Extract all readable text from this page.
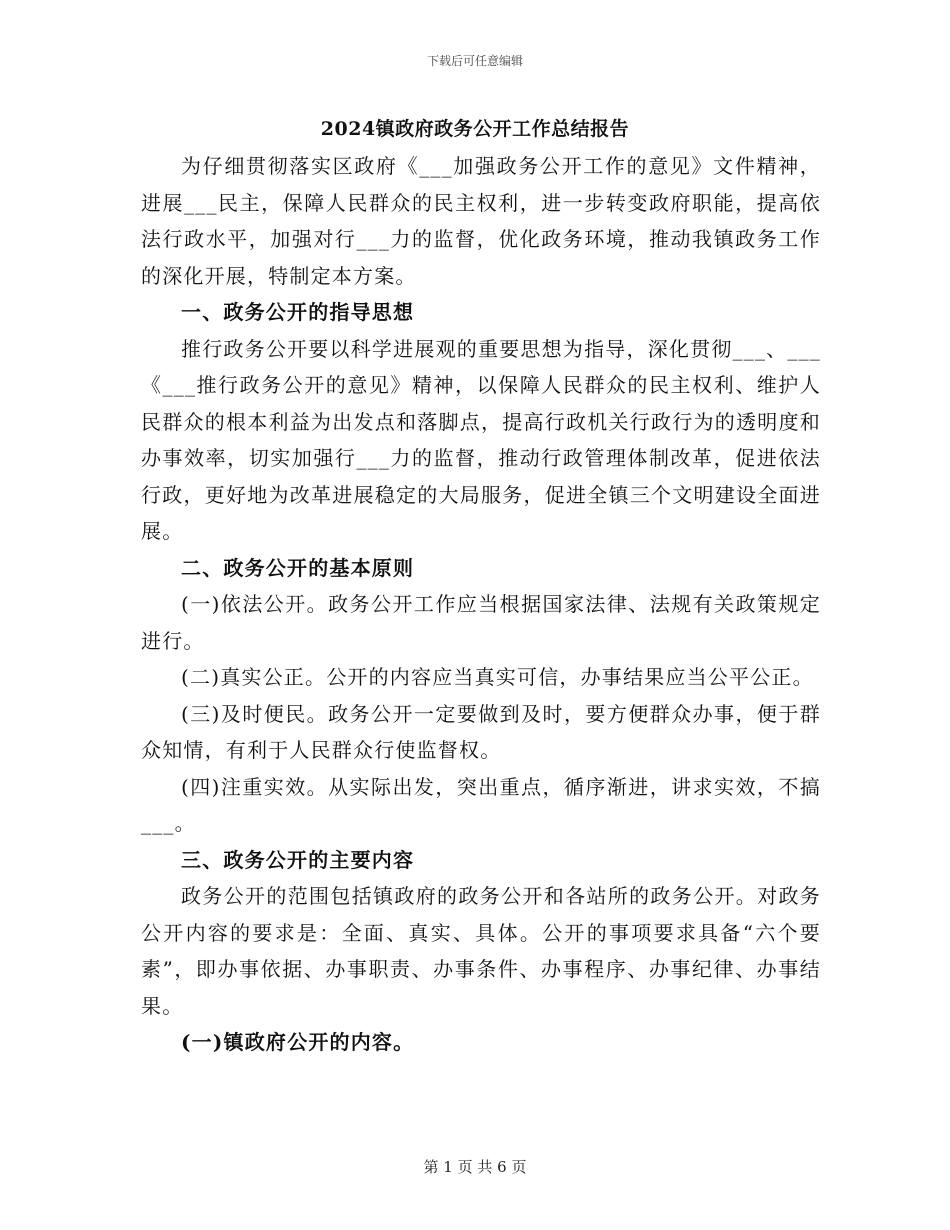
下载后可任意编辑
2024镇政府政务公开工作总结报告

为仔细贯彻落实区政府《___加强政务公开工作的意见》文件精神，进展___民主，保障人民群众的民主权利，进一步转变政府职能，提高依法行政水平，加强对行___力的监督，优化政务环境，推动我镇政务工作的深化开展，特制定本方案。

一、政务公开的指导思想

推行政务公开要以科学进展观的重要思想为指导，深化贯彻___、___《___推行政务公开的意见》精神，以保障人民群众的民主权利、维护人民群众的根本利益为出发点和落脚点，提高行政机关行政行为的透明度和办事效率，切实加强行___力的监督，推动行政管理体制改革，促进依法行政，更好地为改革进展稳定的大局服务，促进全镇三个文明建设全面进展。

二、政务公开的基本原则

(一)依法公开。政务公开工作应当根据国家法律、法规有关政策规定进行。

(二)真实公正。公开的内容应当真实可信，办事结果应当公平公正。

(三)及时便民。政务公开一定要做到及时，要方便群众办事，便于群众知情，有利于人民群众行使监督权。

(四)注重实效。从实际出发，突出重点，循序渐进，讲求实效，不搞___。

三、政务公开的主要内容

政务公开的范围包括镇政府的政务公开和各站所的政务公开。对政务公开内容的要求是：全面、真实、具体。公开的事项要求具备“六个要素”，即办事依据、办事职责、办事条件、办事程序、办事纪律、办事结果。

(一)镇政府公开的内容。

第 1 页 共 6 页
